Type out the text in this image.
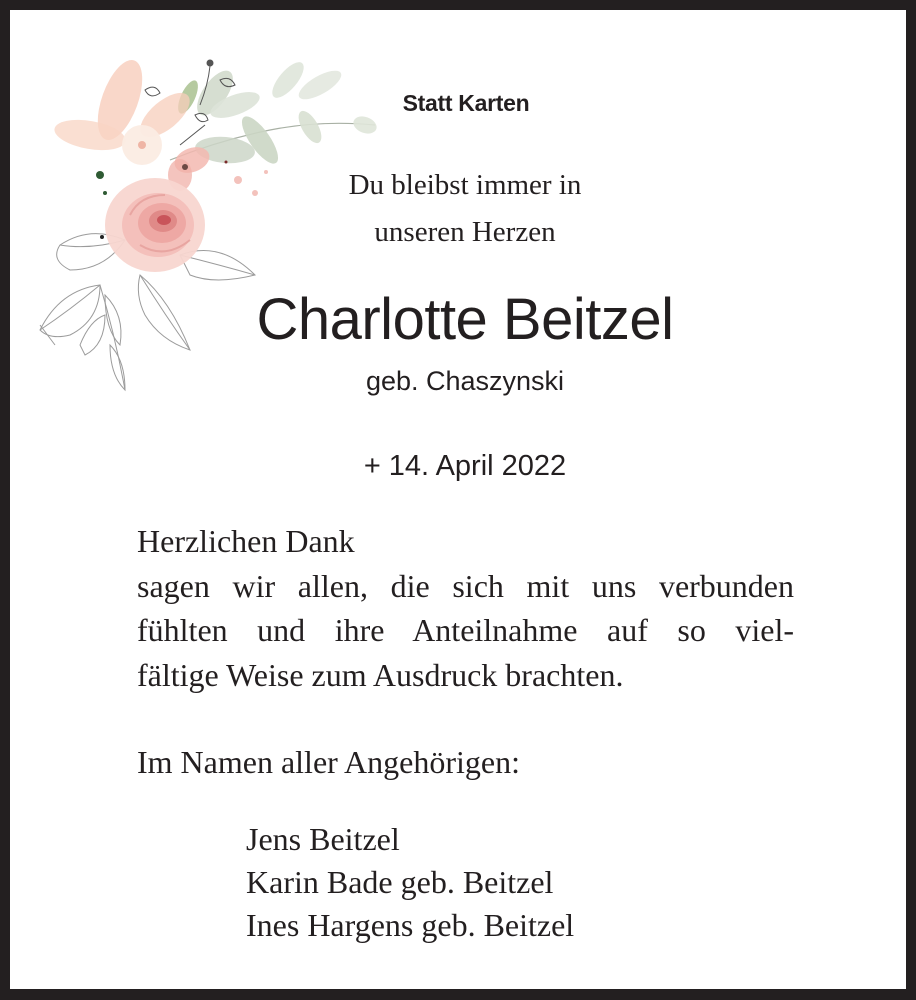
Statt Karten
Du bleibst immer in
unseren Herzen
Charlotte Beitzel
geb. Chaszynski
+ 14. April 2022
Herzlichen Dank
sagen wir allen, die sich mit uns verbunden
fühlten und ihre Anteilnahme auf so viel-
fältige Weise zum Ausdruck brachten.
Im Namen aller Angehörigen:
Jens Beitzel
Karin Bade geb. Beitzel
Ines Hargens geb. Beitzel
